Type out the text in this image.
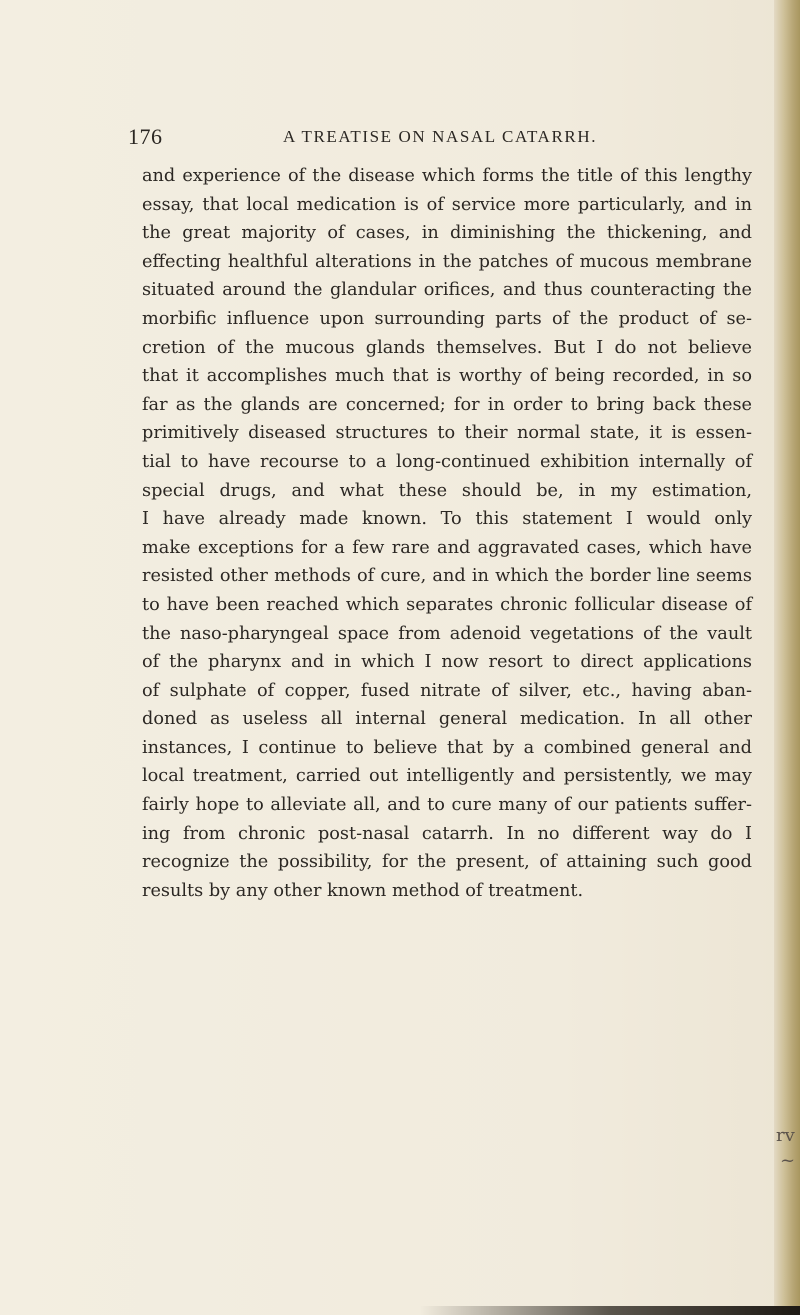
176	A TREATISE ON NASAL CATARRH.
and experience of the disease which forms the title of this lengthy
essay, that local medication is of service more particularly, and in
the great majority of cases, in diminishing the thickening, and
effecting healthful alterations in the patches of mucous membrane
situated around the glandular orifices, and thus counteracting the
morbific influence upon surrounding parts of the product of se-
cretion of the mucous glands themselves. But I do not believe
that it accomplishes much that is worthy of being recorded, in so
far as the glands are concerned; for in order to bring back these
primitively diseased structures to their normal state, it is essen-
tial to have recourse to a long-continued exhibition internally of
special drugs, and what these should be, in my estimation,
I have already made known. To this statement I would only
make exceptions for a few rare and aggravated cases, which have
resisted other methods of cure, and in which the border line seems
to have been reached which separates chronic follicular disease of
the naso-pharyngeal space from adenoid vegetations of the vault
of the pharynx and in which I now resort to direct applications
of sulphate of copper, fused nitrate of silver, etc., having aban-
doned as useless all internal general medication. In all other
instances, I continue to believe that by a combined general and
local treatment, carried out intelligently and persistently, we may
fairly hope to alleviate all, and to cure many of our patients suffer-
ing from chronic post-nasal catarrh. In no different way do I
recognize the possibility, for the present, of attaining such good
results by any other known method of treatment.
rv
~
